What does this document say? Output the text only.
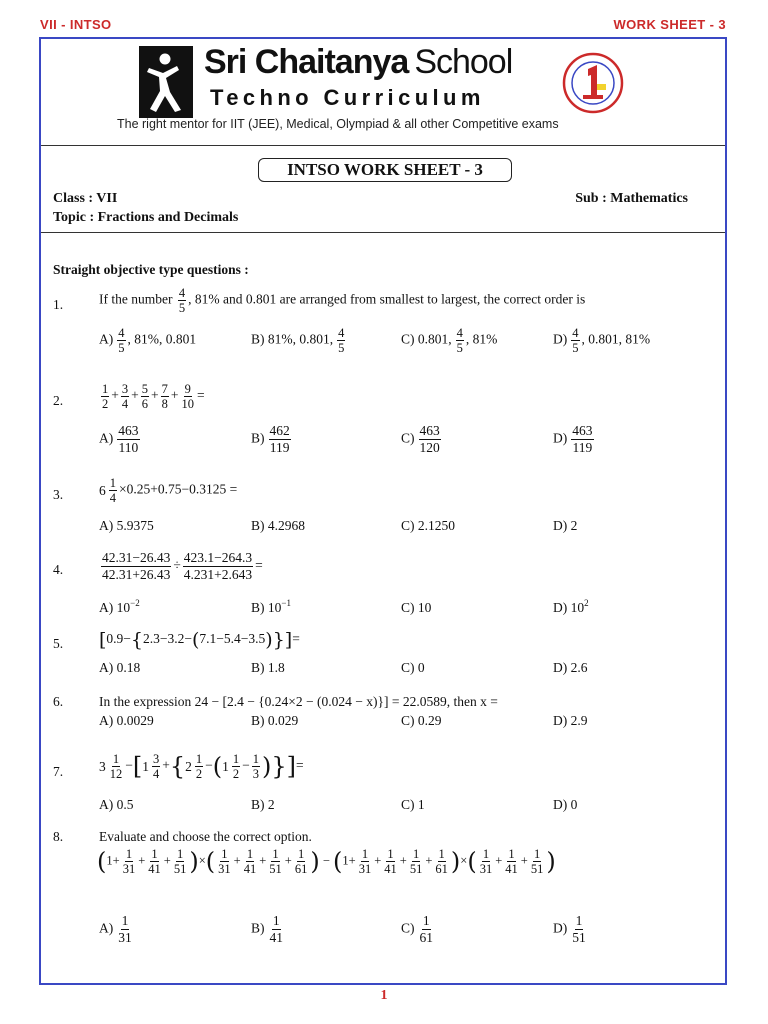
VII - INTSO	WORK SHEET - 3
Sri Chaitanya School
Techno Curriculum
The right mentor for IIT (JEE), Medical, Olympiad & all other Competitive exams
INTSO WORK SHEET - 3
Class : VII
Topic : Fractions and Decimals
Sub : Mathematics
Straight objective type questions :
1.	If the number $\frac{4}{5}$ , 81% and 0.801 are arranged from smallest to largest, the correct order is
$A) \frac{4}{5}$ , 81%, 0.801	B) 81%, 0.801, $\frac{4}{5}$	C) 0.801, $\frac{4}{5}$ , 81%	$D) \frac{4}{5}$ , 0.801, 81%
2.	$\frac{1}{2} + \frac{3}{4} + \frac{5}{6} + \frac{7}{8} + \frac{9}{10}$ =
$A) \frac{463}{110}$	$B) \frac{462}{119}$	$C) \frac{463}{120}$	$D) \frac{463}{119}$
3.	6 1
4
×0.25+0.75−0.3125 =
A) 5.9375	B) 4.2968	C) 2.1250	D) 2
4.	$\frac{42.31-26.43}{42.31+26.43} \div \frac{423.1-264.3}{4.231+2.643}$ =
A) $10^{-2}$	B) $10^{-1}$	C) 10	D) $10^2$
5. [0.9−{2.3−3.2−(7.1−5.4−3.5)}]=
A) 0.18	B) 1.8	C) 0	D) 2.6
6.	In the expression 24 − [2.4 − {0.24×2 − (0.024 − x)}] = 22.0589, then x =
A) 0.0029	B) 0.029	C) 0.29	D) 2.9
7.	3 1
12
−[ 1 3
4
+{ 2 1
2
−( 1 1
2
− $\frac{1}{3}$ )}]=
A) 0.5	B) 2	C) 1	D) 0
8.	Evaluate and choose the correct option.
($1+ \frac{1}{31} + \frac{1}{41} + \frac{1}{51}$ )×( $\frac{1}{31} + \frac{1}{41} + \frac{1}{51} + \frac{1}{61}$ ) − ($1+ \frac{1}{31} + \frac{1}{41} + \frac{1}{51} + \frac{1}{61}$ )×( $\frac{1}{31} + \frac{1}{41} + \frac{1}{51}$ )
$A) \frac{1}{31}$	$B) \frac{1}{41}$	$C) \frac{1}{61}$	$D) \frac{1}{51}$
1
